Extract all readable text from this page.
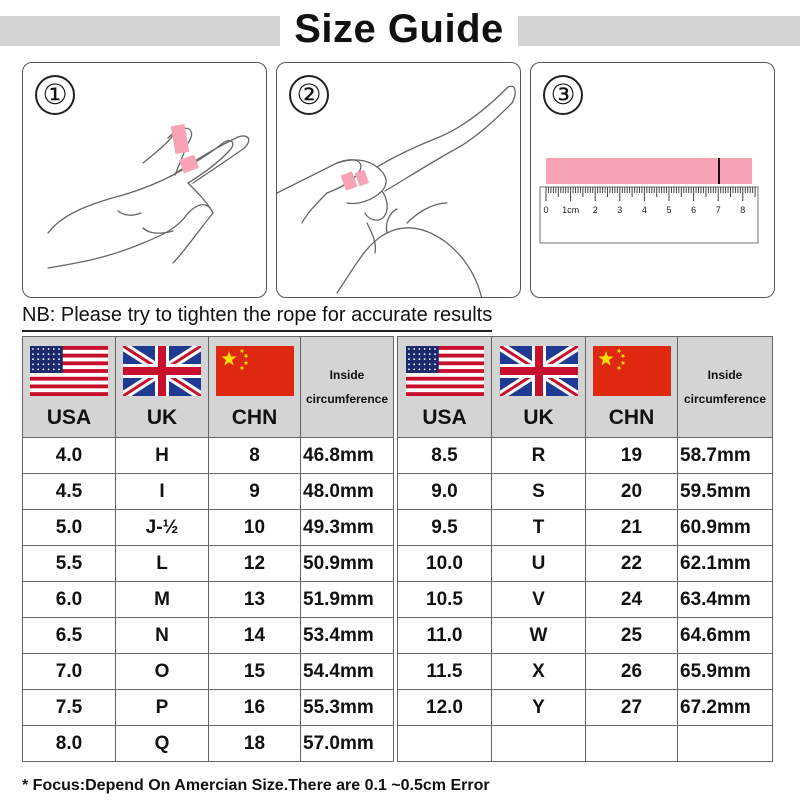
Size Guide
①	②
0 1cm 2 3 4 5 6 7 8
③
NB: Please try to tighten the rope for accurate results

Inside
circumference

USA	UK	CHN	
4.0	H	8	46.8mm
4.5	I	9	48.0mm
5.0	J-½	10	49.3mm
5.5	L	12	50.9mm
6.0	M	13	51.9mm
6.5	N	14	53.4mm
7.0	O	15	54.4mm
7.5	P	16	55.3mm
8.0	Q	18	57.0mm

Inside
circumference

USA	UK	CHN	
8.5	R	19	58.7mm
9.0	S	20	59.5mm
9.5	T	21	60.9mm
10.0	U	22	62.1mm
10.5	V	24	63.4mm
11.0	W	25	64.6mm
11.5	X	26	65.9mm
12.0	Y	27	67.2mm

* Focus:Depend On Amercian Size.There are 0.1 ~0.5cm Error
